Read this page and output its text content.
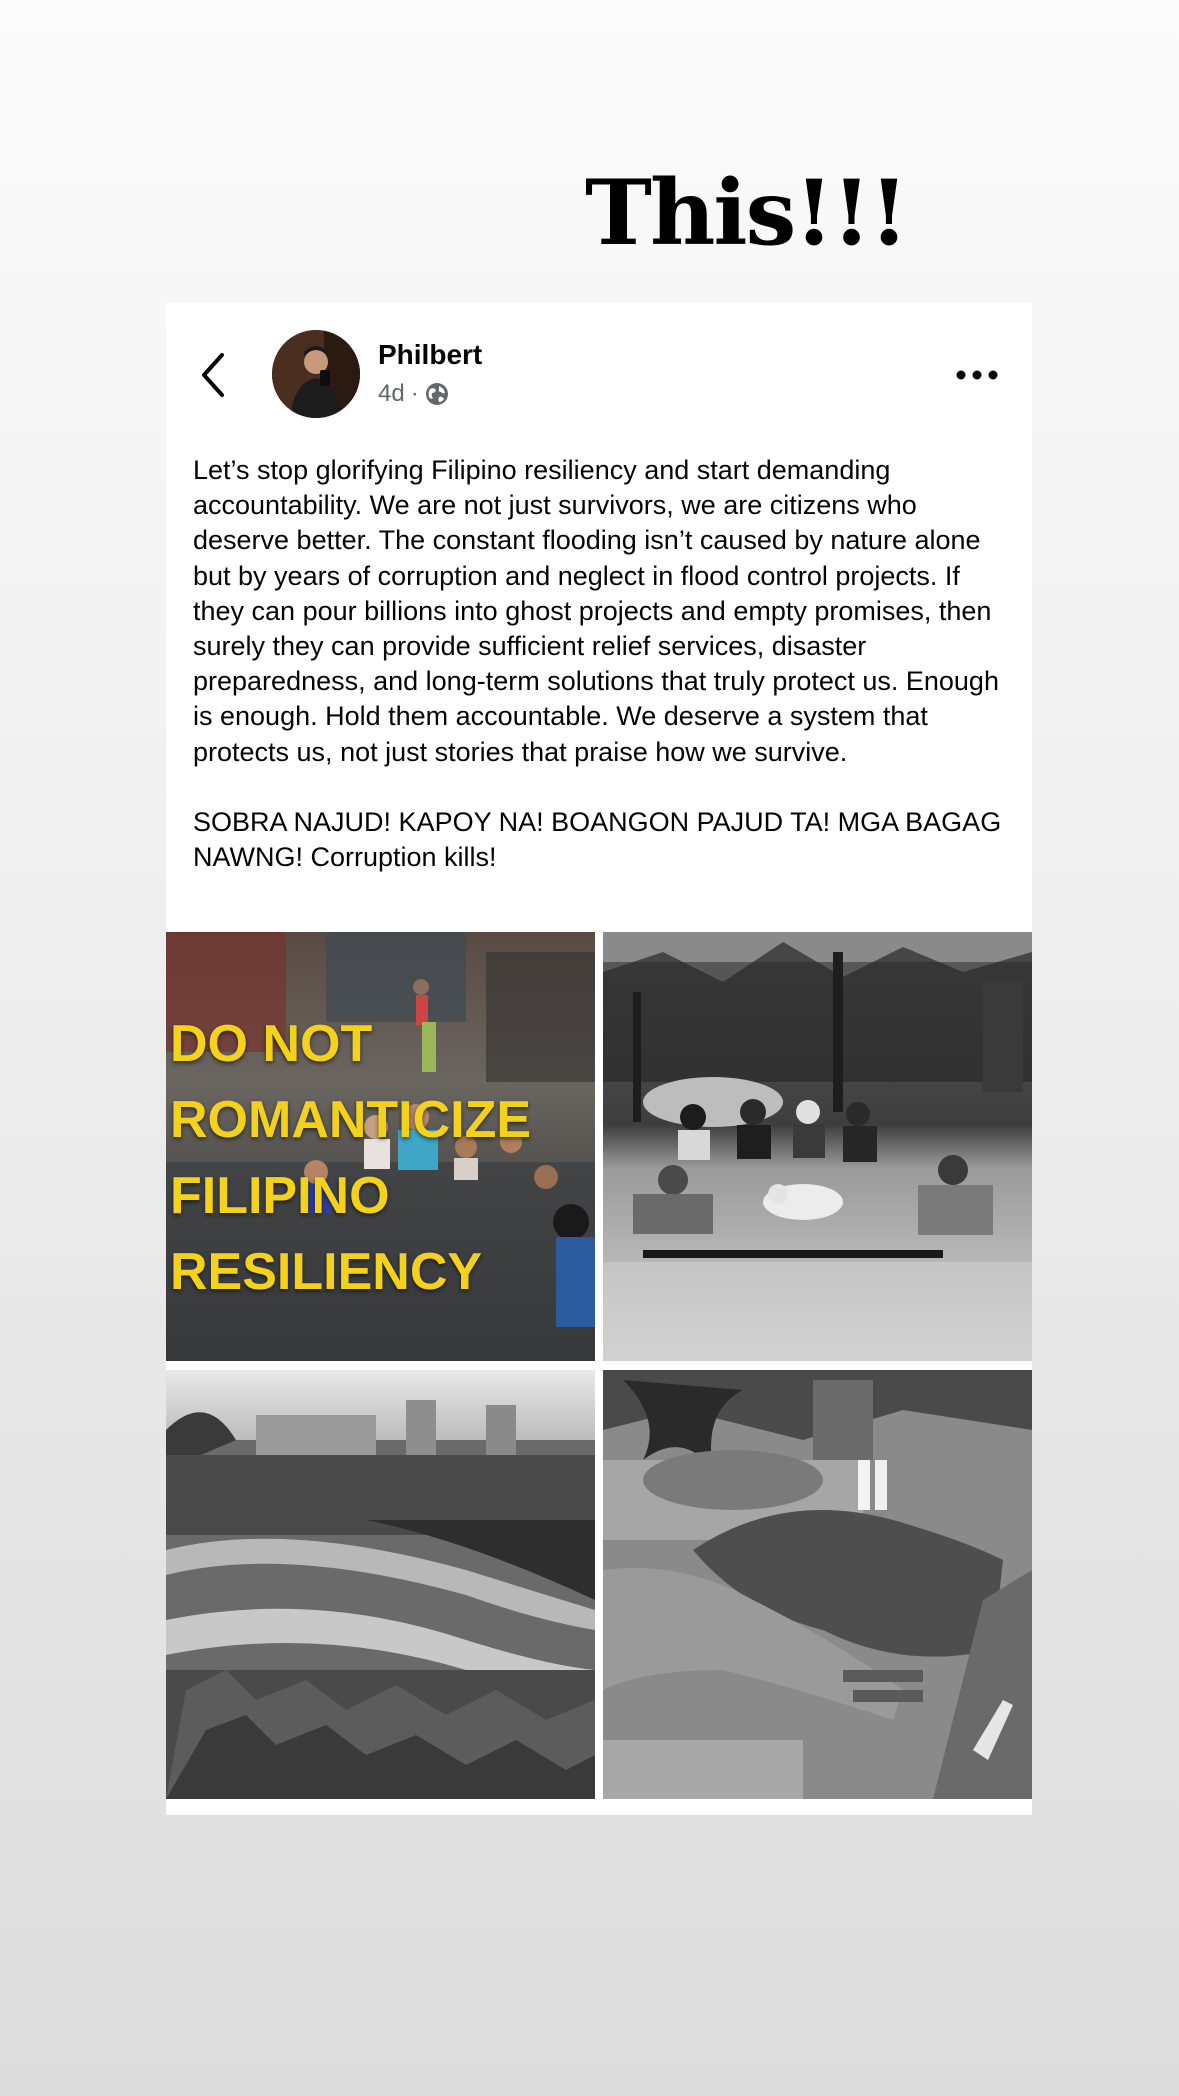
This!!!
Philbert
4d ·

Let’s stop glorifying Filipino resiliency and start demanding accountability. We are not just survivors, we are citizens who deserve better. The constant flooding isn’t caused by nature alone but by years of corruption and neglect in flood control projects. If they can pour billions into ghost projects and empty promises, then surely they can provide sufficient relief services, disaster preparedness, and long-term solutions that truly protect us. Enough is enough. Hold them accountable. We deserve a system that protects us, not just stories that praise how we survive.

SOBRA NAJUD! KAPOY NA! BOANGON PAJUD TA! MGA BAGAG NAWNG! Corruption kills!

DO NOT
ROMANTICIZE
FILIPINO
RESILIENCY
